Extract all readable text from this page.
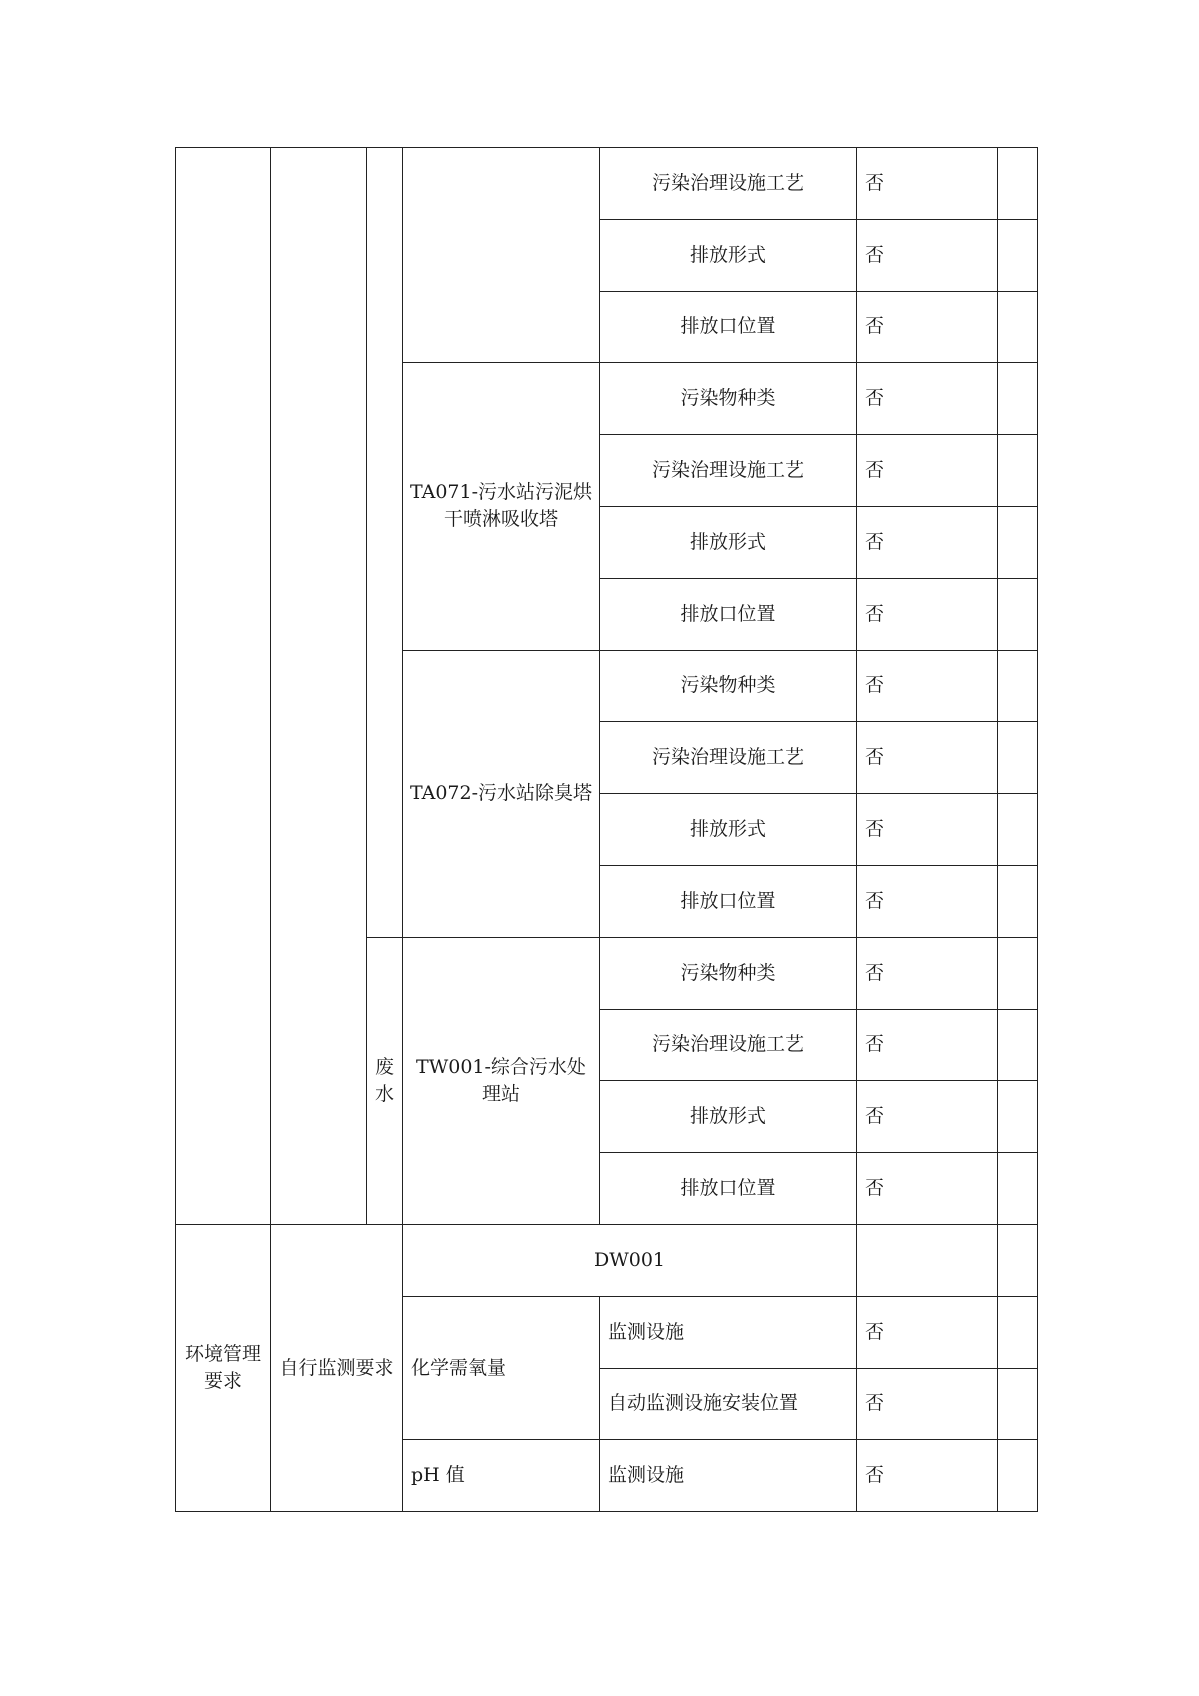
				污染治理设施工艺	否	
				排放形式	否	
				排放口位置	否	
			TA071-污水站污泥烘干喷淋吸收塔	污染物种类	否	
				污染治理设施工艺	否	
				排放形式	否	
				排放口位置	否	
			TA072-污水站除臭塔	污染物种类	否	
				污染治理设施工艺	否	
				排放形式	否	
				排放口位置	否	
		废水	TW001-综合污水处理站	污染物种类	否	
				污染治理设施工艺	否	
				排放形式	否	
				排放口位置	否	
环境管理要求	自行监测要求		DW001			
			化学需氧量	监测设施	否	
				自动监测设施安装位置	否	
			pH 值	监测设施	否	
